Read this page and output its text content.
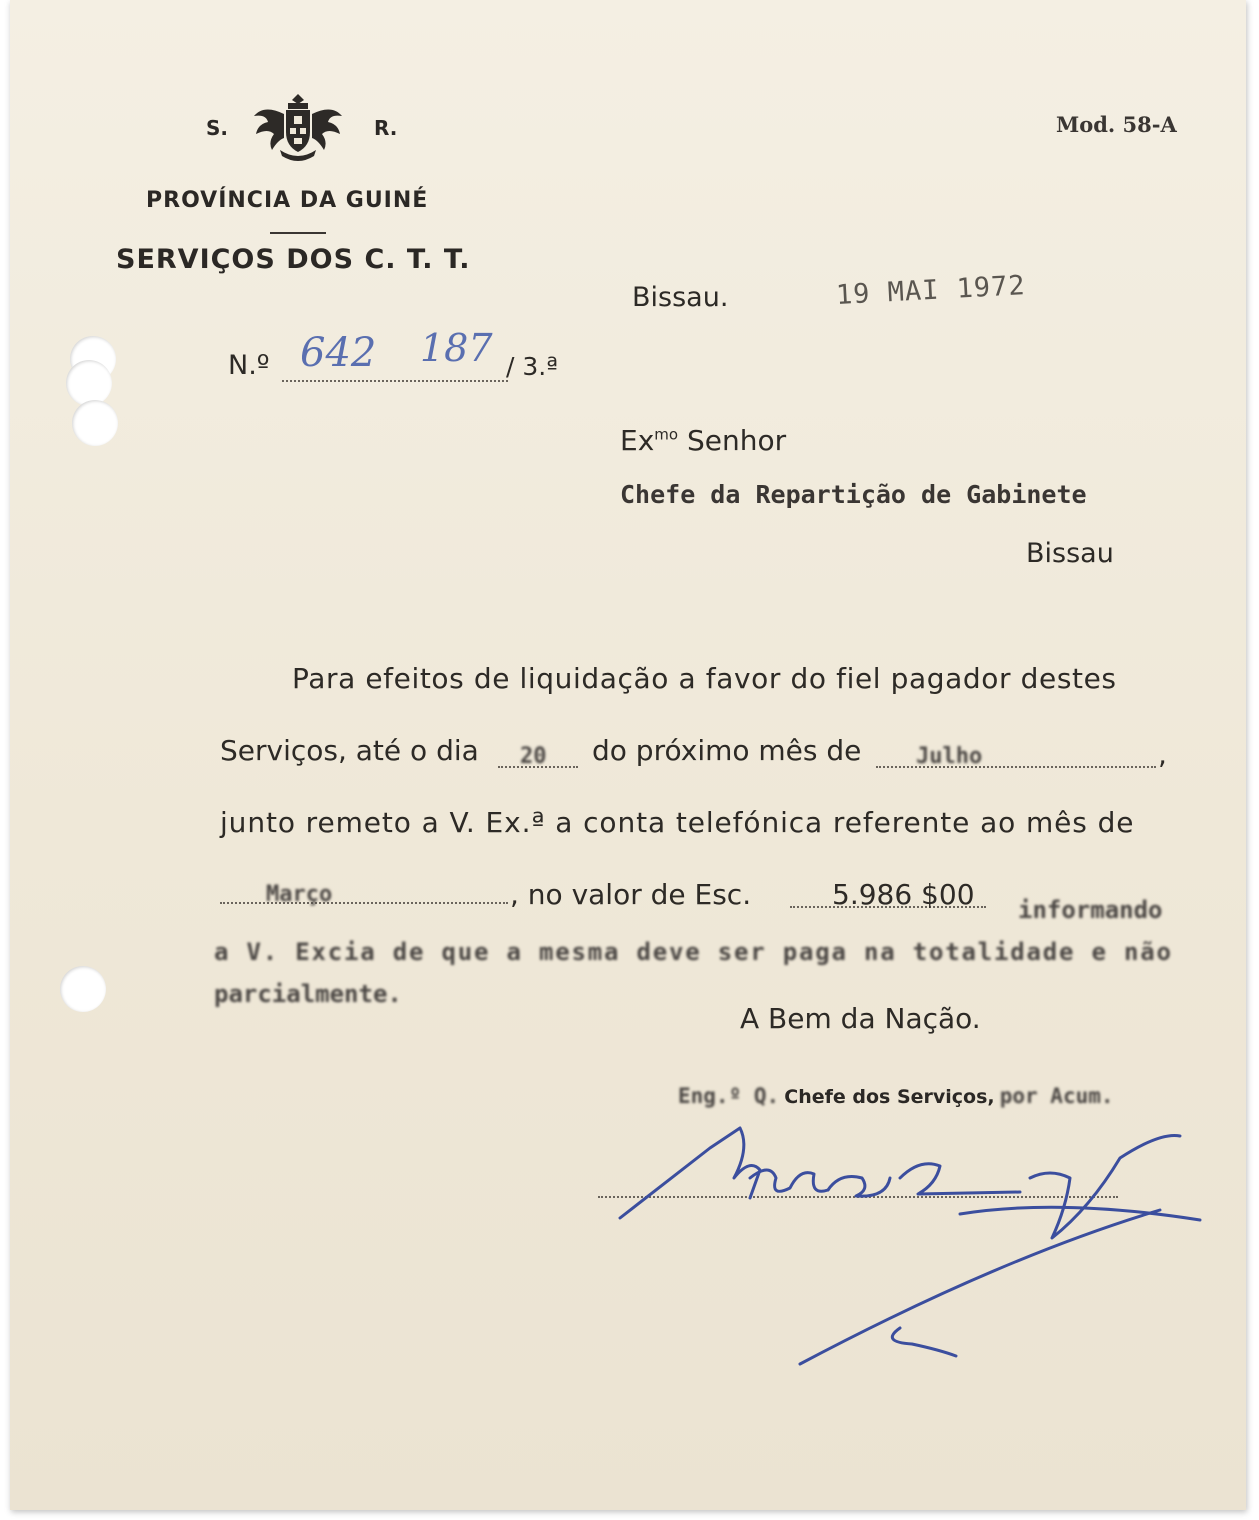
S.	R.
PROVÍNCIA DA GUINÉ
SERVIÇOS DOS C. T. T.
Mod. 58-A
Bissau.	19 MAI 1972
N.º 642 187 / 3.ª
$Ex^{mo}$ Senhor
Chefe da Repartição de Gabinete
Bissau
Para efeitos de liquidação a favor do fiel pagador destes
Serviços, até o dia 20 do próximo mês de Julho	,
junto remeto a V. Ex.ª a conta telefónica referente ao mês de
Março	, no valor de Esc.	5.986 $00 informando
a V. Excia de que a mesma deve ser paga na totalidade e não
parcialmente.
A Bem da Nação.
Eng.º Q. Chefe dos Serviços, por Acum.
